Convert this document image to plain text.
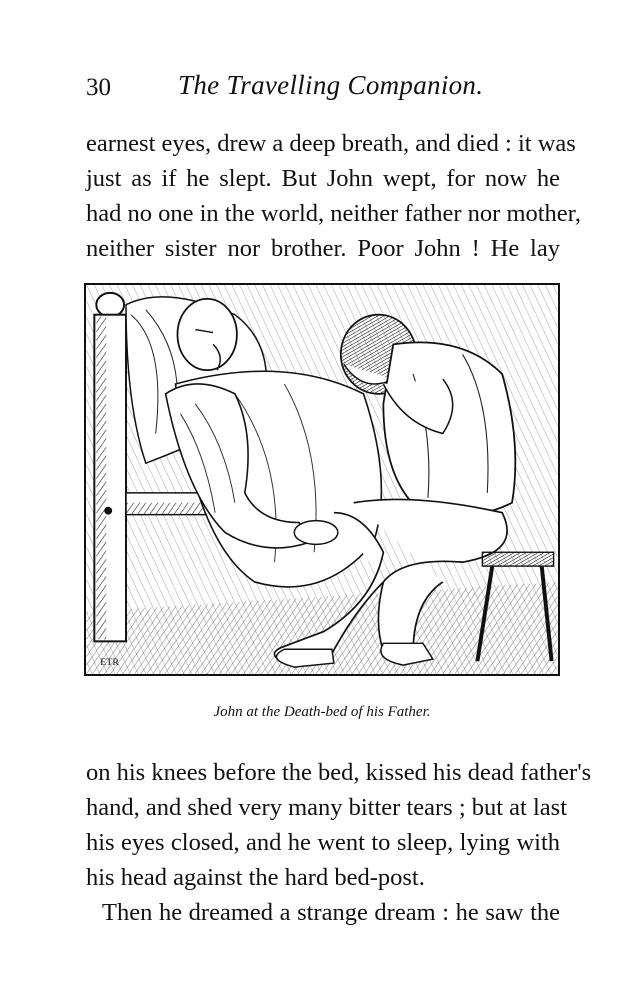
30 The Travelling Companion.
earnest eyes, drew a deep breath, and died : it was
just as if he slept. But John wept, for now he
had no one in the world, neither father nor mother,
neither sister nor brother. Poor John ! He lay
ETR
John at the Death-bed of his Father.
on his knees before the bed, kissed his dead father's
hand, and shed very many bitter tears ; but at last
his eyes closed, and he went to sleep, lying with
his head against the hard bed-post.
Then he dreamed a strange dream : he saw the
